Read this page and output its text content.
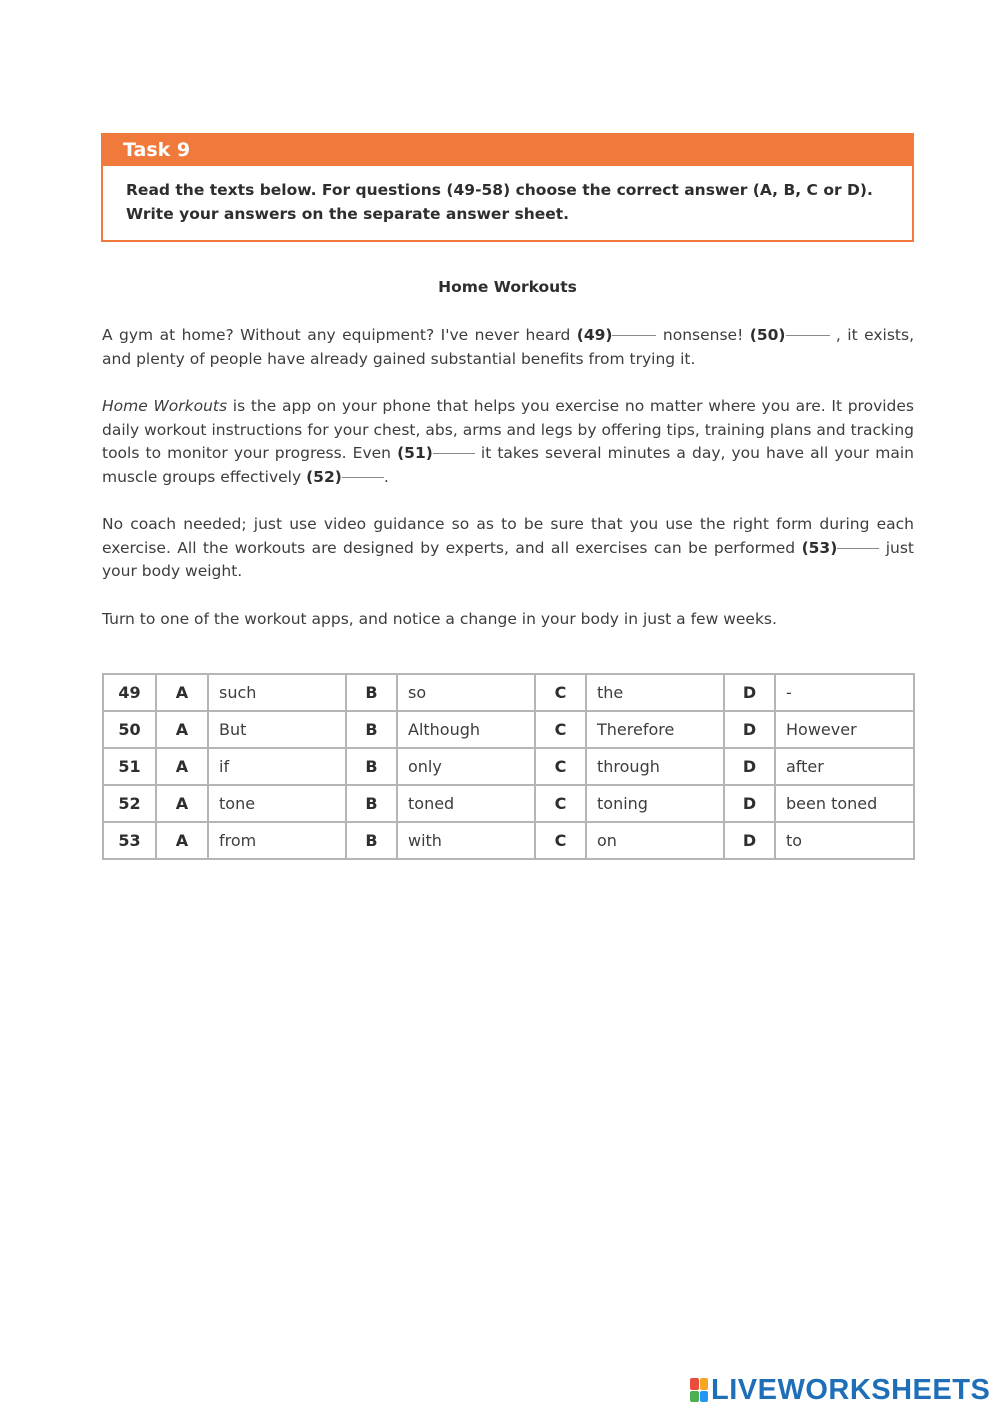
Task 9
Read the texts below. For questions (49-58) choose the correct answer (A, B, C or D). Write your answers on the separate answer sheet.
Home Workouts
A gym at home? Without any equipment? I've never heard (49)	nonsense! (50)	, it exists, and plenty of people have already gained substantial benefits from trying it.
Home Workouts is the app on your phone that helps you exercise no matter where you are. It provides daily workout instructions for your chest, abs, arms and legs by offering tips, training plans and tracking tools to monitor your progress. Even (51)	it takes several minutes a day, you have all your main muscle groups effectively (52)	.
No coach needed; just use video guidance so as to be sure that you use the right form during each exercise. All the workouts are designed by experts, and all exercises can be performed (53)	just your body weight.
Turn to one of the workout apps, and notice a change in your body in just a few weeks.
49	A	such	B	so	C	the	D	-
50	A	But	B	Although	C	Therefore	D	However
51	A	if	B	only	C	through	D	after
52	A	tone	B	toned	C	toning	D	been toned
53	A	from	B	with	C	on	D	to
LIVEWORKSHEETS
